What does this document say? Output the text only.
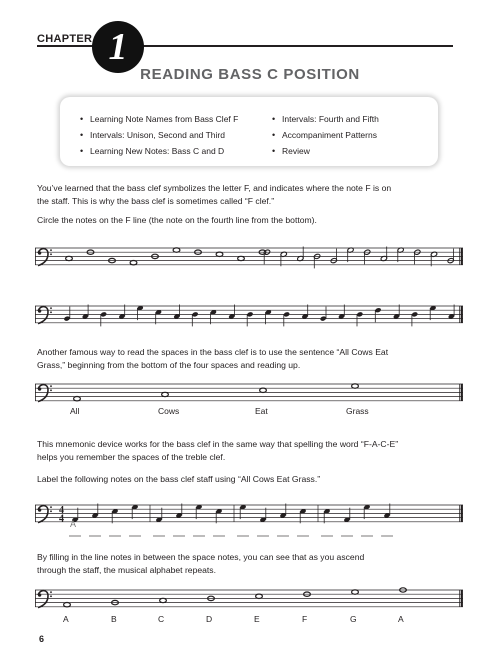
CHAPTER 1
READING BASS C POSITION
• Learning Note Names from Bass Clef F
• Intervals: Unison, Second and Third
• Learning New Notes: Bass C and D
• Intervals: Fourth and Fifth
• Accompaniment Patterns
• Review
You’ve learned that the bass clef symbolizes the letter F, and indicates where the note F is on
the staff. This is why the bass clef is sometimes called “F clef.”
Circle the notes on the F line (the note on the fourth line from the bottom).
Another famous way to read the spaces in the bass clef is to use the sentence “All Cows Eat
Grass,” beginning from the bottom of the four spaces and reading up.
All	Cows	Eat	Grass
This mnemonic device works for the bass clef in the same way that spelling the word “F-A-C-E”
helps you remember the spaces of the treble clef.
Label the following notes on the bass clef staff using “All Cows Eat Grass.”
4
4 A
By filling in the line notes in between the space notes, you can see that as you ascend
through the staff, the musical alphabet repeats.
A	B	C	D	E	F	G	A
6
